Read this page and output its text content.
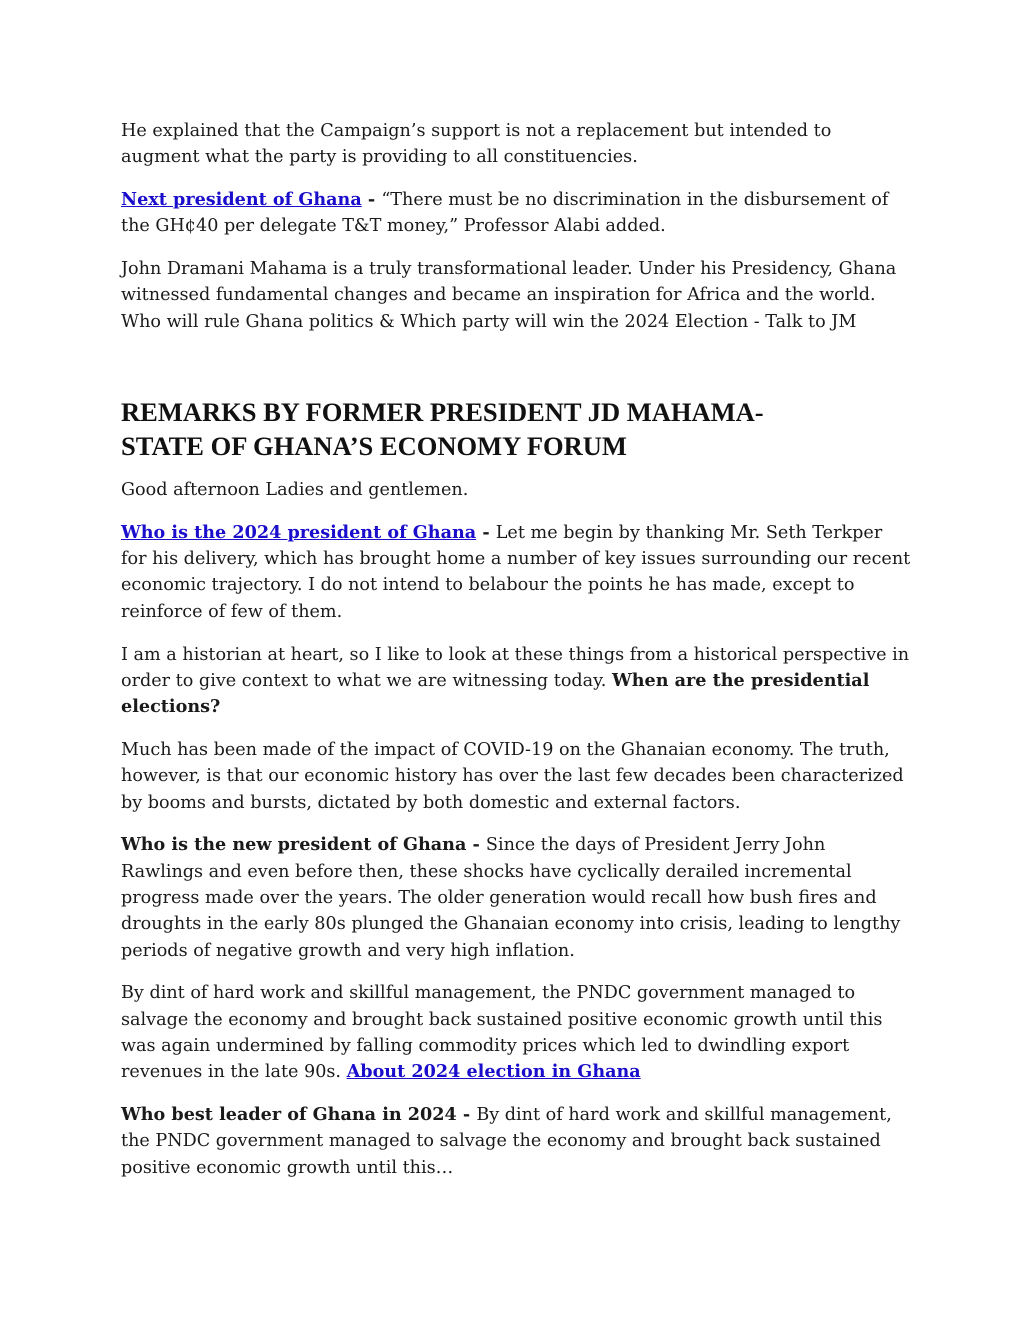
He explained that the Campaign’s support is not a replacement but intended to augment what the party is providing to all constituencies.

Next president of Ghana - “There must be no discrimination in the disbursement of the GH¢40 per delegate T&T money,” Professor Alabi added.

John Dramani Mahama is a truly transformational leader. Under his Presidency, Ghana witnessed fundamental changes and became an inspiration for Africa and the world. Who will rule Ghana politics & Which party will win the 2024 Election - Talk to JM

REMARKS BY FORMER PRESIDENT JD MAHAMA-
STATE OF GHANA’S ECONOMY FORUM

Good afternoon Ladies and gentlemen.

Who is the 2024 president of Ghana - Let me begin by thanking Mr. Seth Terkper for his delivery, which has brought home a number of key issues surrounding our recent economic trajectory. I do not intend to belabour the points he has made, except to reinforce of few of them.

I am a historian at heart, so I like to look at these things from a historical perspective in order to give context to what we are witnessing today. When are the presidential elections?

Much has been made of the impact of COVID-19 on the Ghanaian economy. The truth, however, is that our economic history has over the last few decades been characterized by booms and bursts, dictated by both domestic and external factors.

Who is the new president of Ghana - Since the days of President Jerry John Rawlings and even before then, these shocks have cyclically derailed incremental progress made over the years. The older generation would recall how bush fires and droughts in the early 80s plunged the Ghanaian economy into crisis, leading to lengthy periods of negative growth and very high inflation.

By dint of hard work and skillful management, the PNDC government managed to salvage the economy and brought back sustained positive economic growth until this was again undermined by falling commodity prices which led to dwindling export revenues in the late 90s. About 2024 election in Ghana

Who best leader of Ghana in 2024 - By dint of hard work and skillful management, the PNDC government managed to salvage the economy and brought back sustained positive economic growth until this…
